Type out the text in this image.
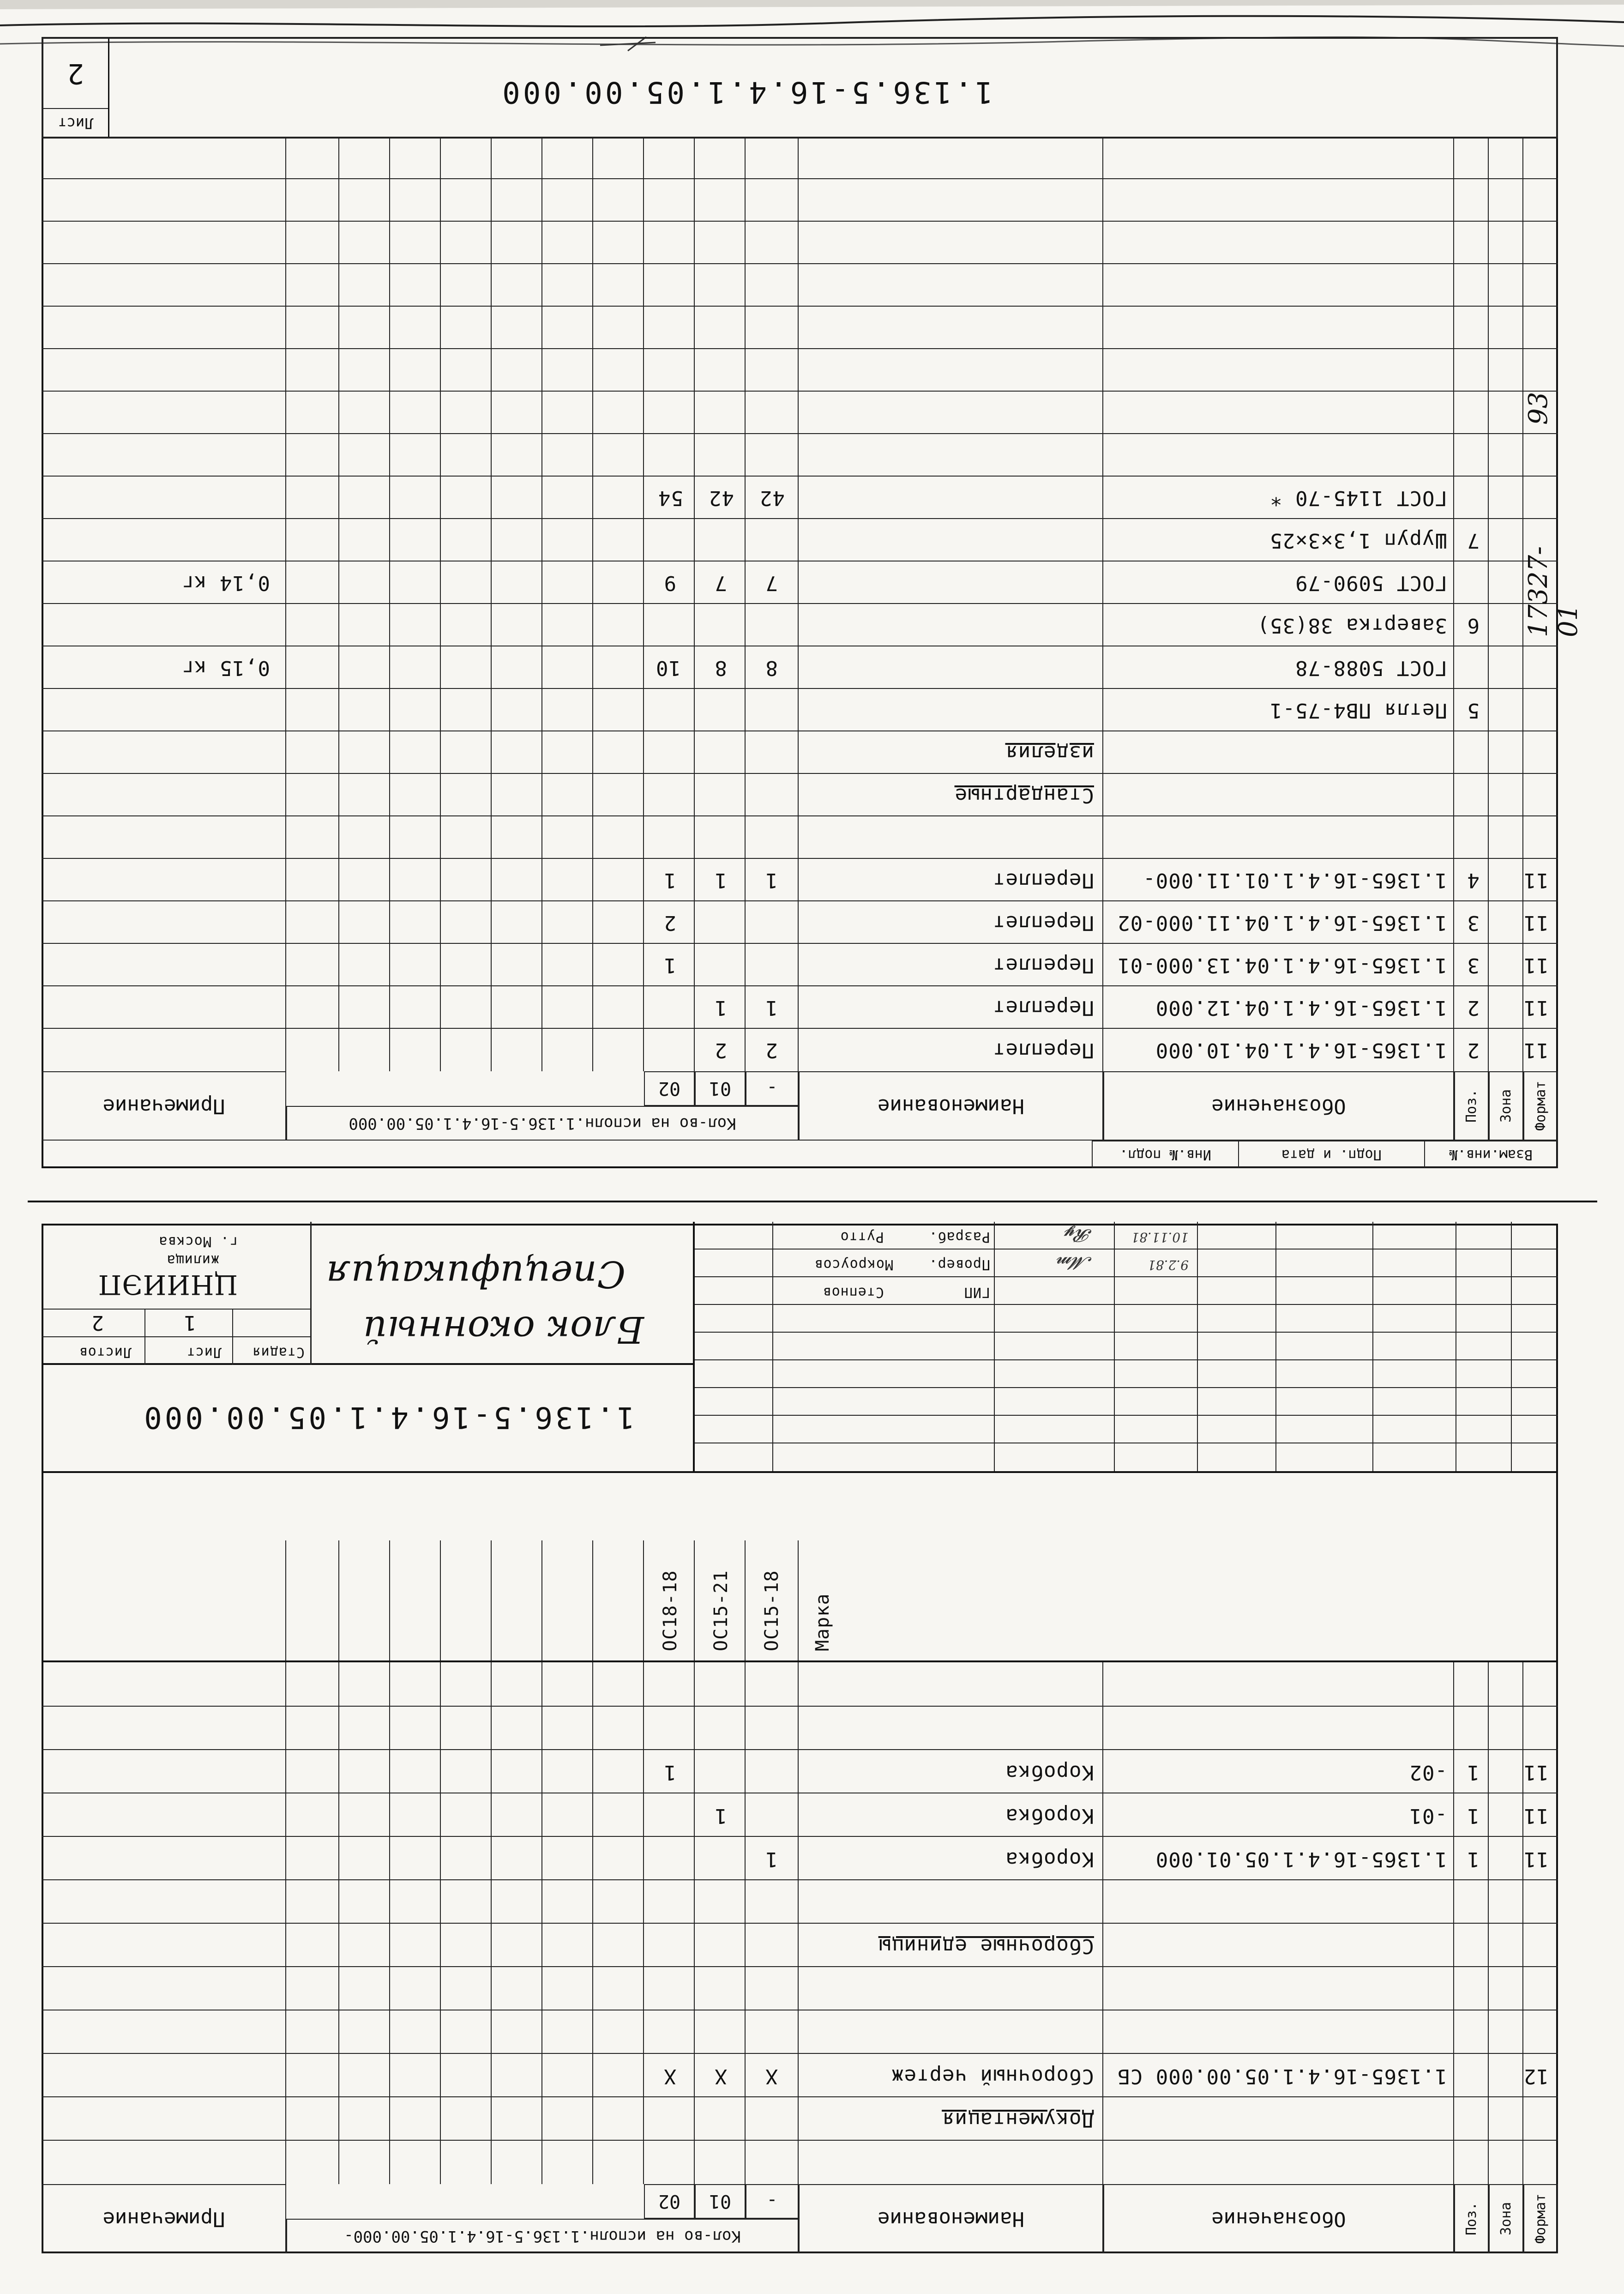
Взам.инв.№
Подп. и дата
Инв.№ подл.
Формат
Зона
Поз.
Обозначение
Наименование
Кол-во на исполн.1.136.5-16.4.1.05.00.000
-
01
02
Примечание
11
2
1.1365-16.4.1.04.10.000
Переплет
2
2
11
2
1.1365-16.4.1.04.12.000
Переплет
1
1
11
3
1.1365-16.4.1.04.13.000-01
Переплет
1
11
3
1.1365-16.4.1.04.11.000-02
Переплет
2
11
4
1.1365-16.4.1.01.11.000-
Переплет
1
1
1
Стандартные
изделия
5
Петля ПВ4-75-1
ГОСТ 5088-78
8
8
10
0,15 кг
6
Завертка 38(35)
ГОСТ 5090-79
7
7
9
0,14 кг
7
Шуруп 1,3×3×25
ГОСТ 1145-70 *
42
42
54
1.136.5-16.4.1.05.00.000
Лист
2
17327-01
93
Формат
Зона
Поз.
Обозначение
Наименование
Кол-во на исполн.1.136.5-16.4.1.05.00.000-
-
01
02
Примечание
Документация
12
1.1365-16.4.1.05.00.000 СБ
Сборочный чертеж
X
X
X
Сборочные единицы
11
1
1.1365-16.4.1.05.01.000
Коробка
1
11
1
-01
Коробка
1
11
1
-02
Коробка
1
Марка
ОС15-18
ОС15-21
ОС18-18
1.136.5-16.4.1.05.00.000
Блок оконный
Спецификация
Стадия
Лист
Листов
1
2
ЦНИИЭП
жилища
г. Москва
ГИП
Степнов
Провер.
Мокроусов
Разраб.
Рутто
𝓜𝓶
𝓡𝔂
9.2.81
10.11.81
